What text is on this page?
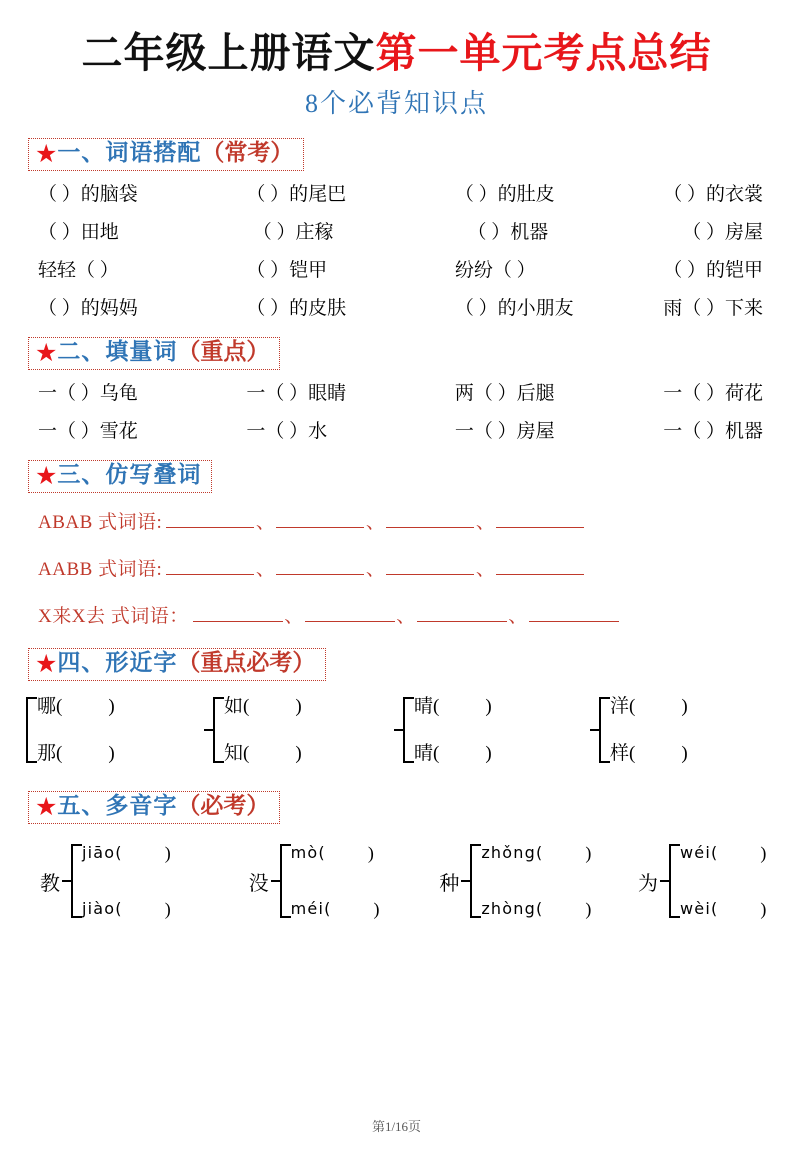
二年级上册语文第一单元考点总结
8个必背知识点
★一、词语搭配（常考）
（ ）的脑袋	（ ）的尾巴	（ ）的肚皮	（ ）的衣裳
（ ）田地	（ ）庄稼	（ ）机器	（ ）房屋
轻轻（ ）	（ ）铠甲	纷纷（ ）	（ ）的铠甲
（ ）的妈妈	（ ）的皮肤	（ ）的小朋友	雨（ ）下来
★二、填量词（重点）
一（ ）乌龟	一（ ）眼睛	两（ ）后腿	一（ ）荷花
一（ ）雪花	一（ ）水	一（ ）房屋	一（ ）机器
★三、仿写叠词
ABAB 式词语:	、	、	、
AABB 式词语:	、	、	、
X来X去 式词语：	、	、	、
★四、形近字（重点必考）
哪 ( )
那 ( )
如 ( )
知 ( )
晴 ( )
晴 ( )
洋 ( )
样 ( )
★五、多音字（必考）
教
jiāo( )
jiào( )
没
mò( )
méi( )
种
zhǒng( )
zhòng( )
为
wéi( )
wèi( )
第1/16页
